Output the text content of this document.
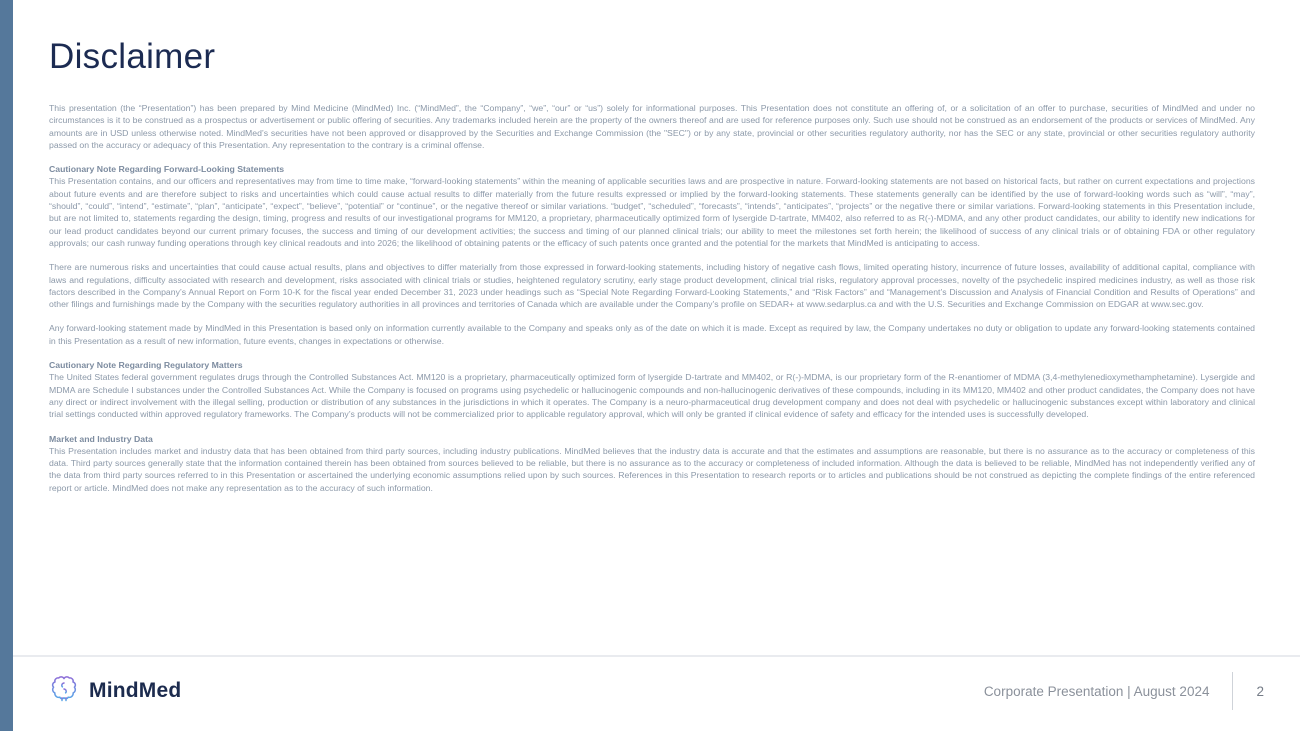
Disclaimer

This presentation (the “Presentation”) has been prepared by Mind Medicine (MindMed) Inc. (“MindMed”, the “Company”, “we”, “our” or “us”) solely for informational purposes. This Presentation does not constitute an offering of, or a solicitation of an offer to purchase, securities of MindMed and under no circumstances is it to be construed as a prospectus or advertisement or public offering of securities. Any trademarks included herein are the property of the owners thereof and are used for reference purposes only. Such use should not be construed as an endorsement of the products or services of MindMed. Any amounts are in USD unless otherwise noted. MindMed’s securities have not been approved or disapproved by the Securities and Exchange Commission (the "SEC") or by any state, provincial or other securities regulatory authority, nor has the SEC or any state, provincial or other securities regulatory authority passed on the accuracy or adequacy of this Presentation. Any representation to the contrary is a criminal offense.

Cautionary Note Regarding Forward-Looking Statements

This Presentation contains, and our officers and representatives may from time to time make, “forward-looking statements” within the meaning of applicable securities laws and are prospective in nature. Forward-looking statements are not based on historical facts, but rather on current expectations and projections about future events and are therefore subject to risks and uncertainties which could cause actual results to differ materially from the future results expressed or implied by the forward-looking statements. These statements generally can be identified by the use of forward-looking words such as “will”, “may”, “should”, “could”, “intend”, “estimate”, “plan”, “anticipate”, “expect”, “believe”, “potential” or “continue”, or the negative thereof or similar variations. “budget”, “scheduled”, “forecasts”, “intends”, “anticipates”, “projects” or the negative there or similar variations. Forward-looking statements in this Presentation include, but are not limited to, statements regarding the design, timing, progress and results of our investigational programs for MM120, a proprietary, pharmaceutically optimized form of lysergide D-tartrate, MM402, also referred to as R(-)-MDMA, and any other product candidates, our ability to identify new indications for our lead product candidates beyond our current primary focuses, the success and timing of our development activities; the success and timing of our planned clinical trials; our ability to meet the milestones set forth herein; the likelihood of success of any clinical trials or of obtaining FDA or other regulatory approvals; our cash runway funding operations through key clinical readouts and into 2026; the likelihood of obtaining patents or the efficacy of such patents once granted and the potential for the markets that MindMed is anticipating to access.

There are numerous risks and uncertainties that could cause actual results, plans and objectives to differ materially from those expressed in forward-looking statements, including history of negative cash flows, limited operating history, incurrence of future losses, availability of additional capital, compliance with laws and regulations, difficulty associated with research and development, risks associated with clinical trials or studies, heightened regulatory scrutiny, early stage product development, clinical trial risks, regulatory approval processes, novelty of the psychedelic inspired medicines industry, as well as those risk factors described in the Company’s Annual Report on Form 10-K for the fiscal year ended December 31, 2023 under headings such as “Special Note Regarding Forward-Looking Statements,” and “Risk Factors” and “Management’s Discussion and Analysis of Financial Condition and Results of Operations” and other filings and furnishings made by the Company with the securities regulatory authorities in all provinces and territories of Canada which are available under the Company’s profile on SEDAR+ at www.sedarplus.ca and with the U.S. Securities and Exchange Commission on EDGAR at www.sec.gov.

Any forward-looking statement made by MindMed in this Presentation is based only on information currently available to the Company and speaks only as of the date on which it is made. Except as required by law, the Company undertakes no duty or obligation to update any forward-looking statements contained in this Presentation as a result of new information, future events, changes in expectations or otherwise.

Cautionary Note Regarding Regulatory Matters

The United States federal government regulates drugs through the Controlled Substances Act. MM120 is a proprietary, pharmaceutically optimized form of lysergide D-tartrate and MM402, or R(-)-MDMA, is our proprietary form of the R-enantiomer of MDMA (3,4-methylenedioxymethamphetamine). Lysergide and MDMA are Schedule I substances under the Controlled Substances Act. While the Company is focused on programs using psychedelic or hallucinogenic compounds and non-hallucinogenic derivatives of these compounds, including in its MM120, MM402 and other product candidates, the Company does not have any direct or indirect involvement with the illegal selling, production or distribution of any substances in the jurisdictions in which it operates. The Company is a neuro-pharmaceutical drug development company and does not deal with psychedelic or hallucinogenic substances except within laboratory and clinical trial settings conducted within approved regulatory frameworks. The Company’s products will not be commercialized prior to applicable regulatory approval, which will only be granted if clinical evidence of safety and efficacy for the intended uses is successfully developed.

Market and Industry Data

This Presentation includes market and industry data that has been obtained from third party sources, including industry publications. MindMed believes that the industry data is accurate and that the estimates and assumptions are reasonable, but there is no assurance as to the accuracy or completeness of this data. Third party sources generally state that the information contained therein has been obtained from sources believed to be reliable, but there is no assurance as to the accuracy or completeness of included information. Although the data is believed to be reliable, MindMed has not independently verified any of the data from third party sources referred to in this Presentation or ascertained the underlying economic assumptions relied upon by such sources. References in this Presentation to research reports or to articles and publications should be not construed as depicting the complete findings of the entire referenced report or article. MindMed does not make any representation as to the accuracy of such information.

MindMed	Corporate Presentation | August 2024	2
